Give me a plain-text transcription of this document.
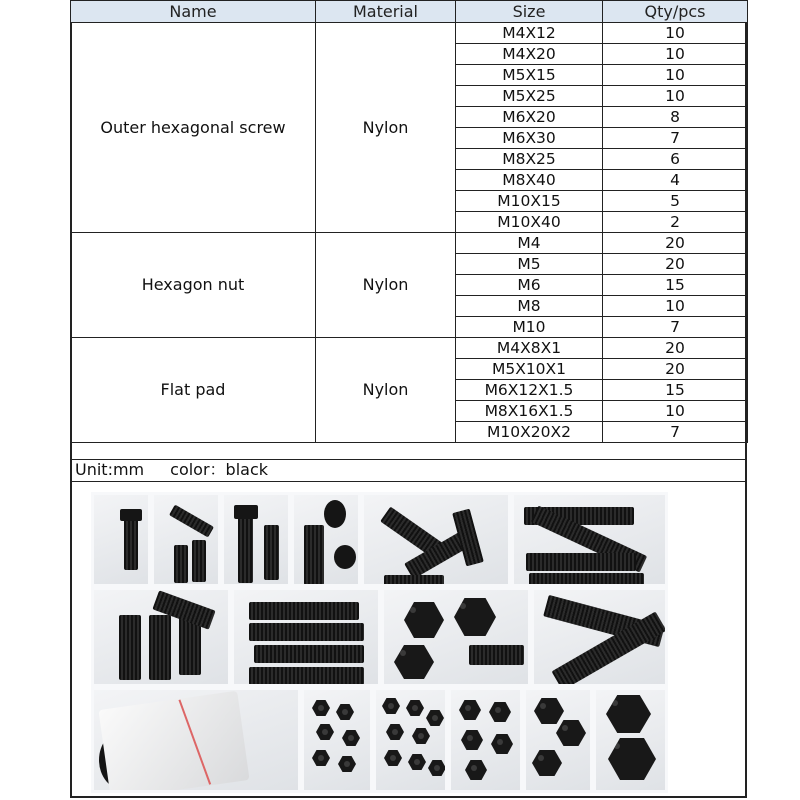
Name	Material	Size	Qty/pcs
Outer hexagonal screw	Nylon	M4X12	10
		M4X20	10
		M5X15	10
		M5X25	10
		M6X20	8
		M6X30	7
		M8X25	6
		M8X40	4
		M10X15	5
		M10X40	2
Hexagon nut	Nylon	M4	20
		M5	20
		M6	15
		M8	10
		M10	7
Flat pad	Nylon	M4X8X1	20
		M5X10X1	20
		M6X12X1.5	15
		M8X16X1.5	10
		M10X20X2	7
Unit:mm color：black
